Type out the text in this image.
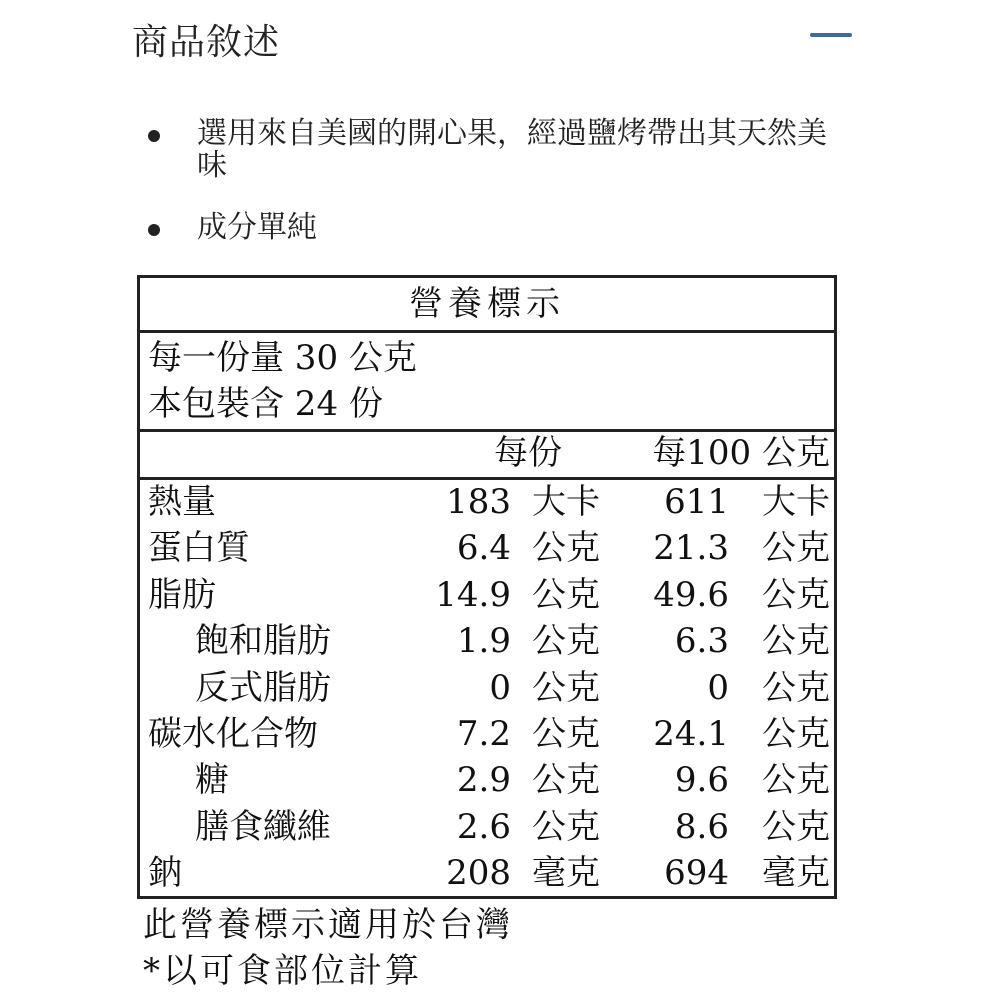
商品敘述
選用來自美國的開心果，經過鹽烤帶出其天然美味
成分單純
營養標示
每一份量 30 公克
本包裝含 24 份
每份	每100 公克
熱量	183 大卡 611 大卡
蛋白質	6.4 公克 21.3 公克
脂肪	14.9 公克 49.6 公克
飽和脂肪	1.9 公克 6.3 公克
反式脂肪	0 公克	0 公克
碳水化合物	7.2 公克 24.1 公克
糖	2.9 公克 9.6 公克
膳食纖維	2.6 公克 8.6 公克
鈉	208 毫克 694 毫克
此營養標示適用於台灣
*以可食部位計算
